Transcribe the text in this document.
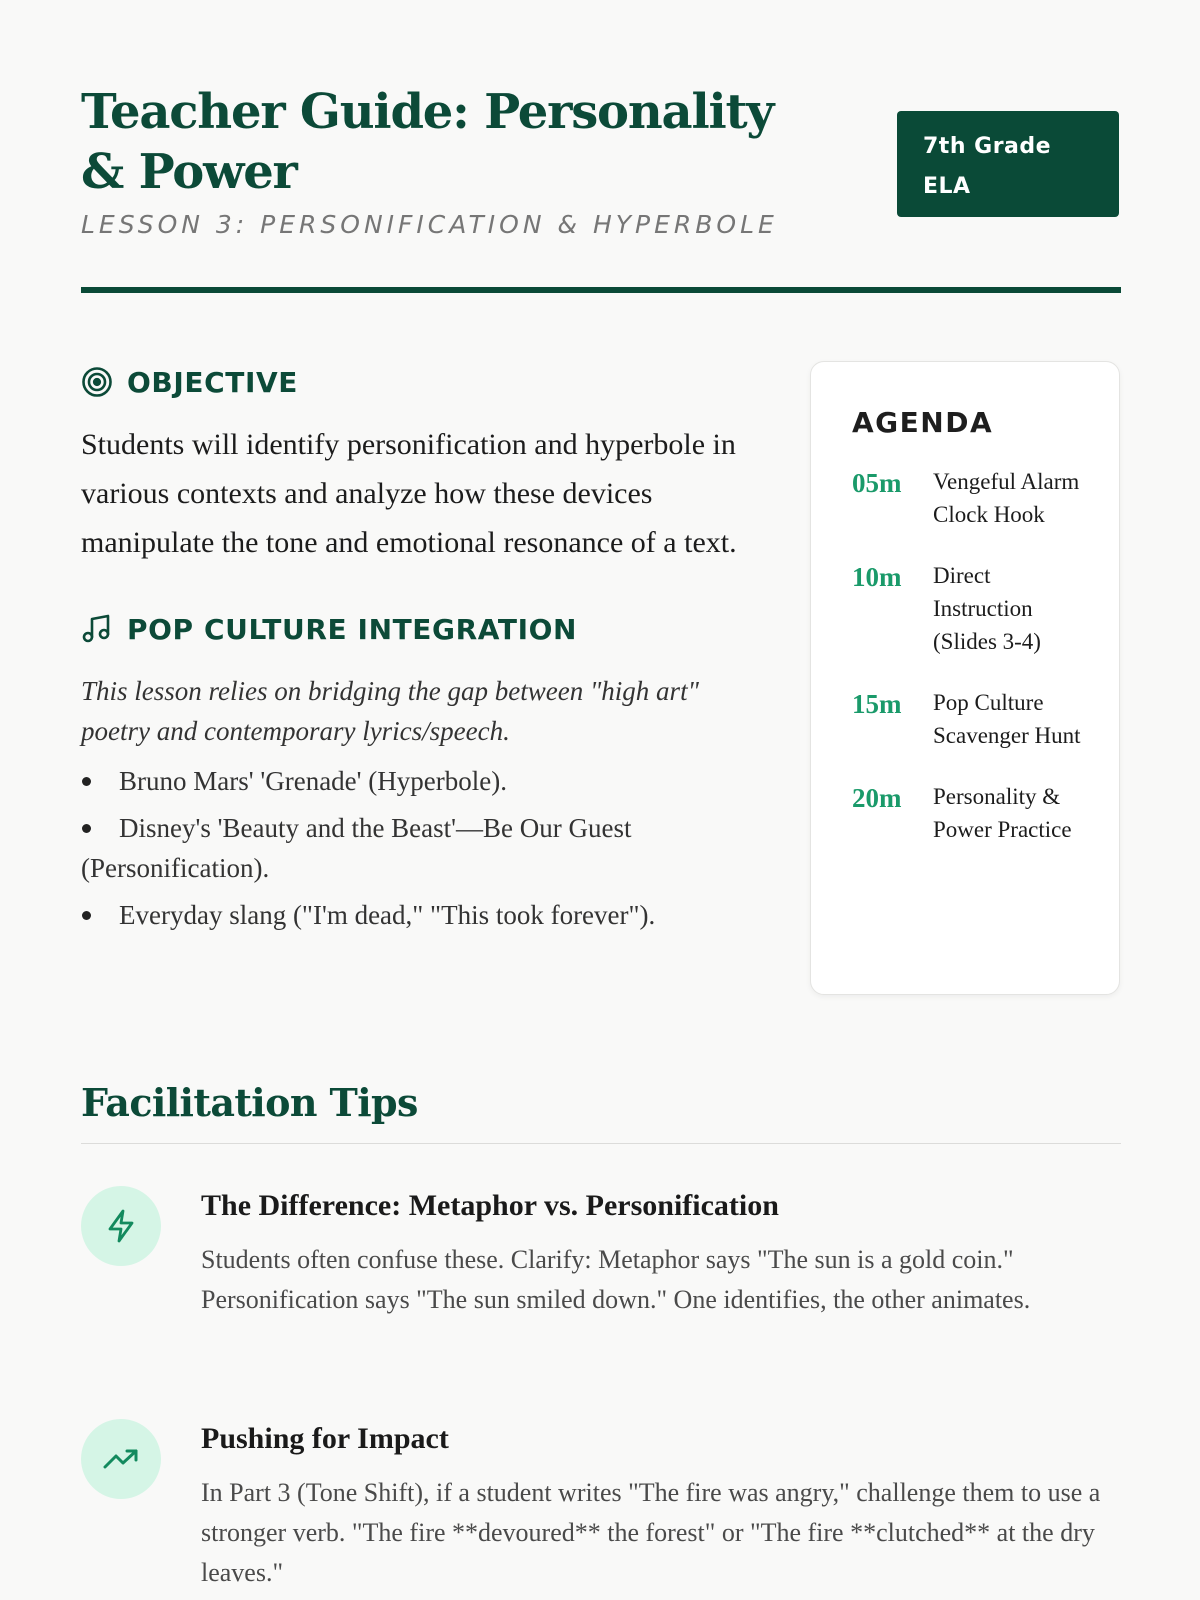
Teacher Guide: Personality & Power
LESSON 3: PERSONIFICATION & HYPERBOLE
7th Grade
ELA
OBJECTIVE

Students will identify personification and hyperbole in various contexts and analyze how these devices manipulate the tone and emotional resonance of a text.

POP CULTURE INTEGRATION

This lesson relies on bridging the gap between "high art" poetry and contemporary lyrics/speech.

Bruno Mars' 'Grenade' (Hyperbole).
Disney's 'Beauty and the Beast'—Be Our Guest (Personification).
Everyday slang ("I'm dead," "This took forever").
AGENDA
05m	Vengeful Alarm Clock Hook
10m	Direct Instruction (Slides 3-4)
15m	Pop Culture Scavenger Hunt
20m	Personality & Power Practice
Facilitation Tips
The Difference: Metaphor vs. Personification

Students often confuse these. Clarify: Metaphor says "The sun is a gold coin." Personification says "The sun smiled down." One identifies, the other animates.

Pushing for Impact

In Part 3 (Tone Shift), if a student writes "The fire was angry," challenge them to use a stronger verb. "The fire **devoured** the forest" or "The fire **clutched** at the dry leaves."
